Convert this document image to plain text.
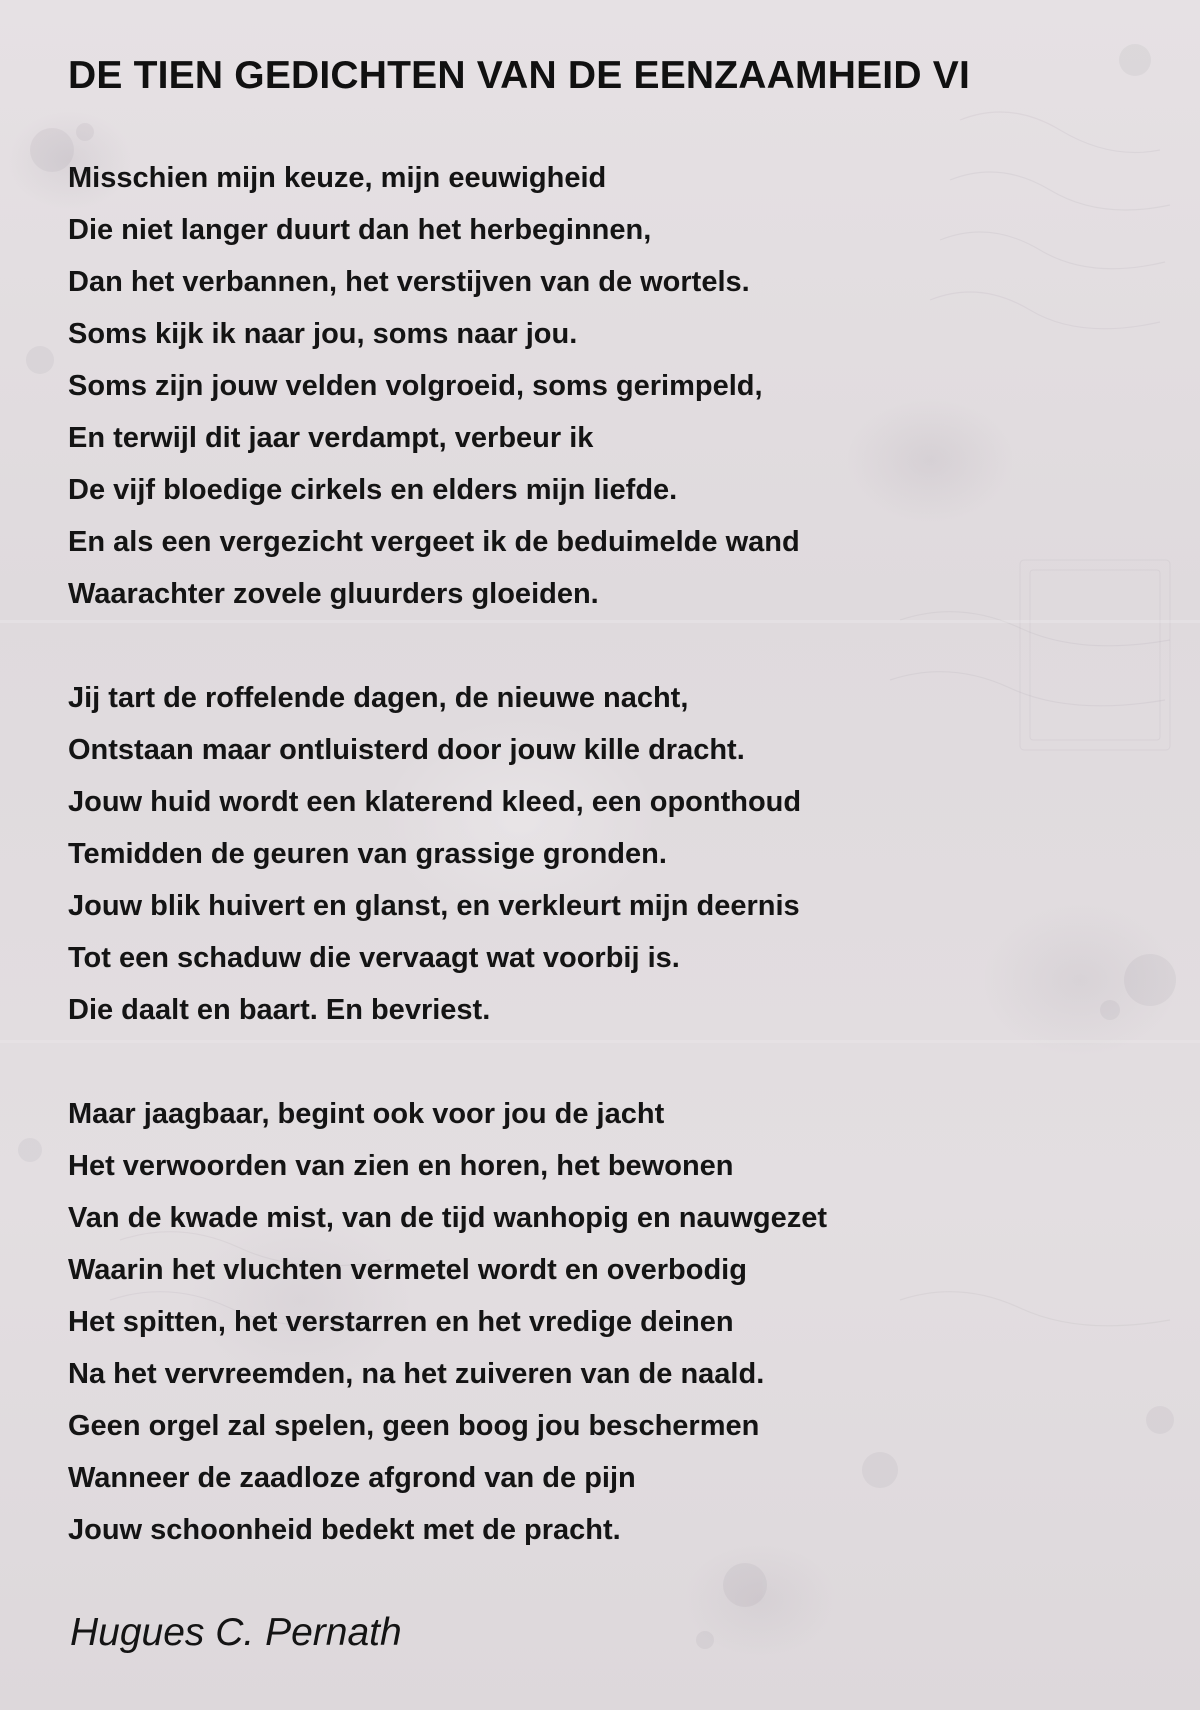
DE TIEN GEDICHTEN VAN DE EENZAAMHEID VI
Misschien mijn keuze, mijn eeuwigheid
Die niet langer duurt dan het herbeginnen,
Dan het verbannen, het verstijven van de wortels.
Soms kijk ik naar jou, soms naar jou.
Soms zijn jouw velden volgroeid, soms gerimpeld,
En terwijl dit jaar verdampt, verbeur ik
De vijf bloedige cirkels en elders mijn liefde.
En als een vergezicht vergeet ik de beduimelde wand
Waarachter zovele gluurders gloeiden.
Jij tart de roffelende dagen, de nieuwe nacht,
Ontstaan maar ontluisterd door jouw kille dracht.
Jouw huid wordt een klaterend kleed, een oponthoud
Temidden de geuren van grassige gronden.
Jouw blik huivert en glanst, en verkleurt mijn deernis
Tot een schaduw die vervaagt wat voorbij is.
Die daalt en baart. En bevriest.
Maar jaagbaar, begint ook voor jou de jacht
Het verwoorden van zien en horen, het bewonen
Van de kwade mist, van de tijd wanhopig en nauwgezet
Waarin het vluchten vermetel wordt en overbodig
Het spitten, het verstarren en het vredige deinen
Na het vervreemden, na het zuiveren van de naald.
Geen orgel zal spelen, geen boog jou beschermen
Wanneer de zaadloze afgrond van de pijn
Jouw schoonheid bedekt met de pracht.
Hugues C. Pernath
